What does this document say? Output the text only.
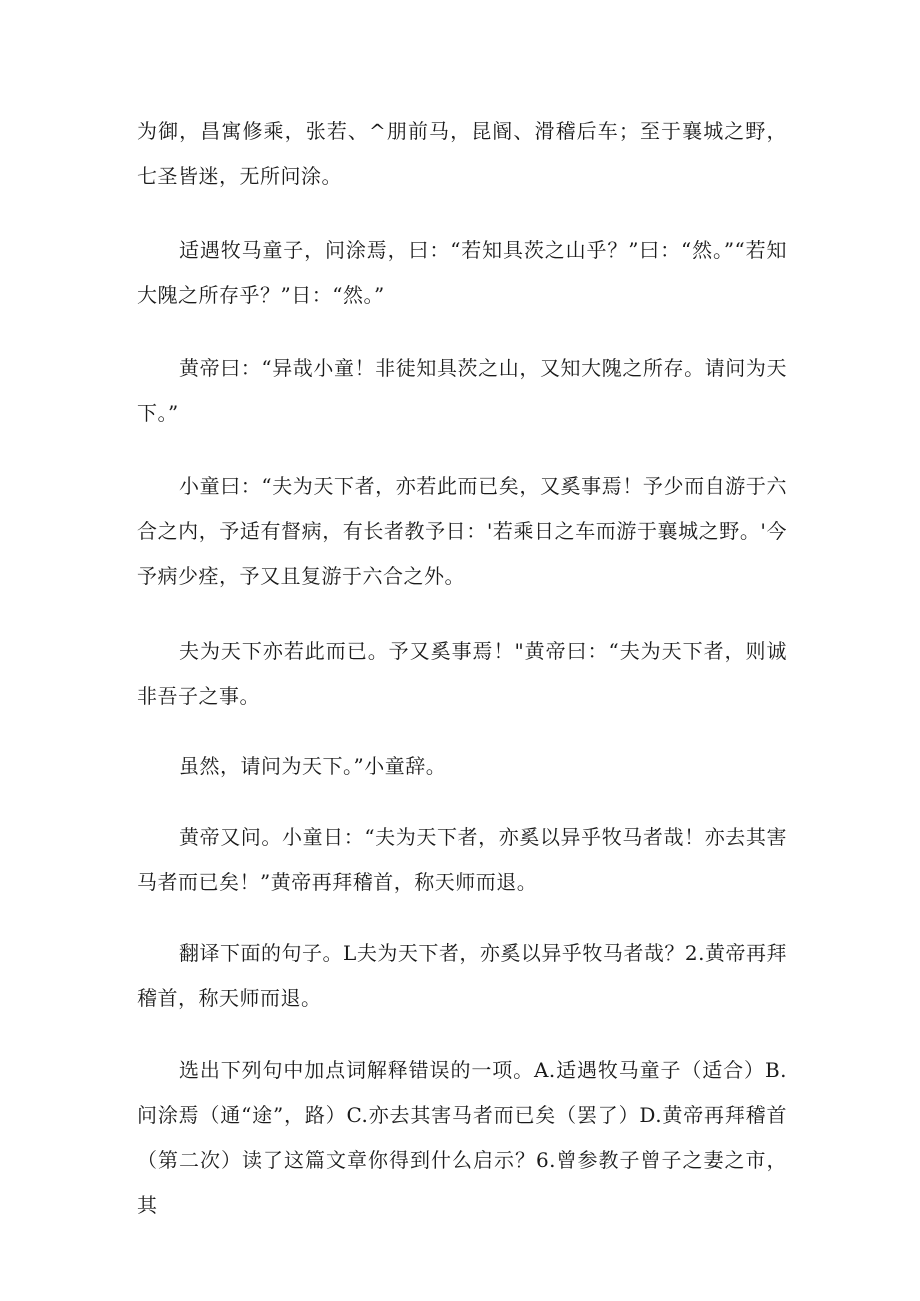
为御，昌寓修乘，张若、^朋前马，昆阍、滑稽后车；至于襄城之野，七圣皆迷，无所问涂。

适遇牧马童子，问涂焉，曰：“若知具茨之山乎？”曰：“然。”“若知大隗之所存乎？”日：“然。”

黄帝曰：“异哉小童！非徒知具茨之山，又知大隗之所存。请问为天下。”

小童曰：“夫为天下者，亦若此而已矣，又奚事焉！予少而自游于六合之内，予适有督病，有长者教予日：'若乘日之车而游于襄城之野。'今予病少痊，予又且复游于六合之外。

夫为天下亦若此而已。予又奚事焉！"黄帝曰：“夫为天下者，则诚非吾子之事。

虽然，请问为天下。”小童辞。

黄帝又问。小童日：“夫为天下者，亦奚以异乎牧马者哉！亦去其害马者而已矣！”黄帝再拜稽首，称天师而退。

翻译下面的句子。L夫为天下者，亦奚以异乎牧马者哉？2.黄帝再拜稽首，称天师而退。

选出下列句中加点词解释错误的一项。A.适遇牧马童子（适合）B.问涂焉（通“途”，路）C.亦去其害马者而已矣（罢了）D.黄帝再拜稽首（第二次）读了这篇文章你得到什么启示？6.曾参教子曾子之妻之市，其
